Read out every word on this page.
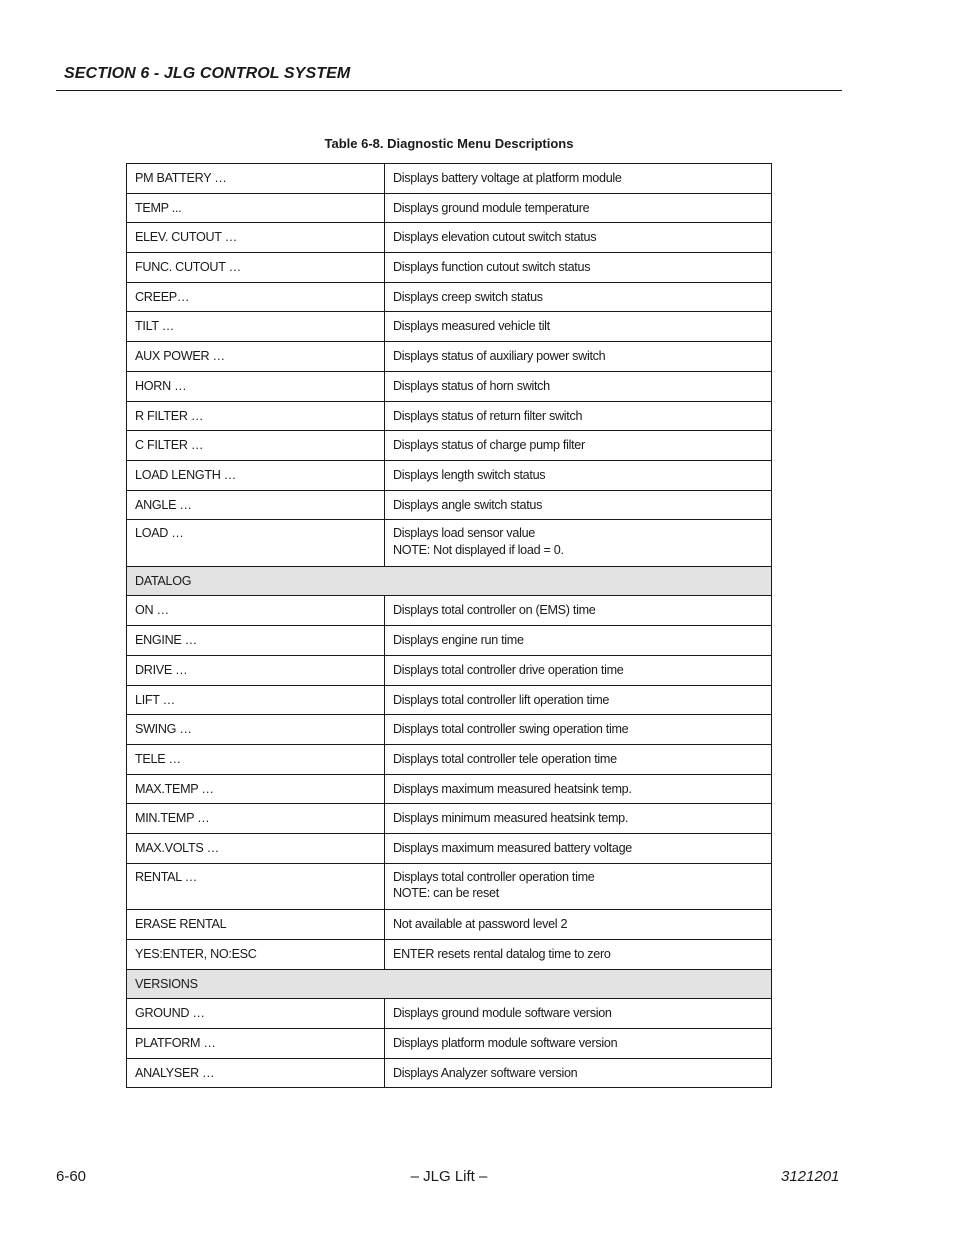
SECTION 6 - JLG CONTROL SYSTEM
Table 6-8. Diagnostic Menu Descriptions
PM BATTERY …	Displays battery voltage at platform module

TEMP ...	Displays ground module temperature

ELEV. CUTOUT …	Displays elevation cutout switch status

FUNC. CUTOUT …	Displays function cutout switch status

CREEP…	Displays creep switch status

TILT …	Displays measured vehicle tilt

AUX POWER …	Displays status of auxiliary power switch

HORN …	Displays status of horn switch

R FILTER …	Displays status of return filter switch

C FILTER …	Displays status of charge pump filter

LOAD LENGTH …	Displays length switch status

ANGLE …	Displays angle switch status

LOAD …	Displays load sensor value
NOTE: Not displayed if load = 0.

DATALOG	
ON …	Displays total controller on (EMS) time

ENGINE …	Displays engine run time

DRIVE …	Displays total controller drive operation time

LIFT …	Displays total controller lift operation time

SWING …	Displays total controller swing operation time

TELE …	Displays total controller tele operation time

MAX.TEMP …	Displays maximum measured heatsink temp.

MIN.TEMP …	Displays minimum measured heatsink temp.

MAX.VOLTS …	Displays maximum measured battery voltage

RENTAL …	Displays total controller operation time
NOTE: can be reset

ERASE RENTAL	Not available at password level 2

YES:ENTER, NO:ESC	ENTER resets rental datalog time to zero

VERSIONS	
GROUND …	Displays ground module software version

PLATFORM …	Displays platform module software version

ANALYSER …	Displays Analyzer software version
6-60	– JLG Lift –	3121201
